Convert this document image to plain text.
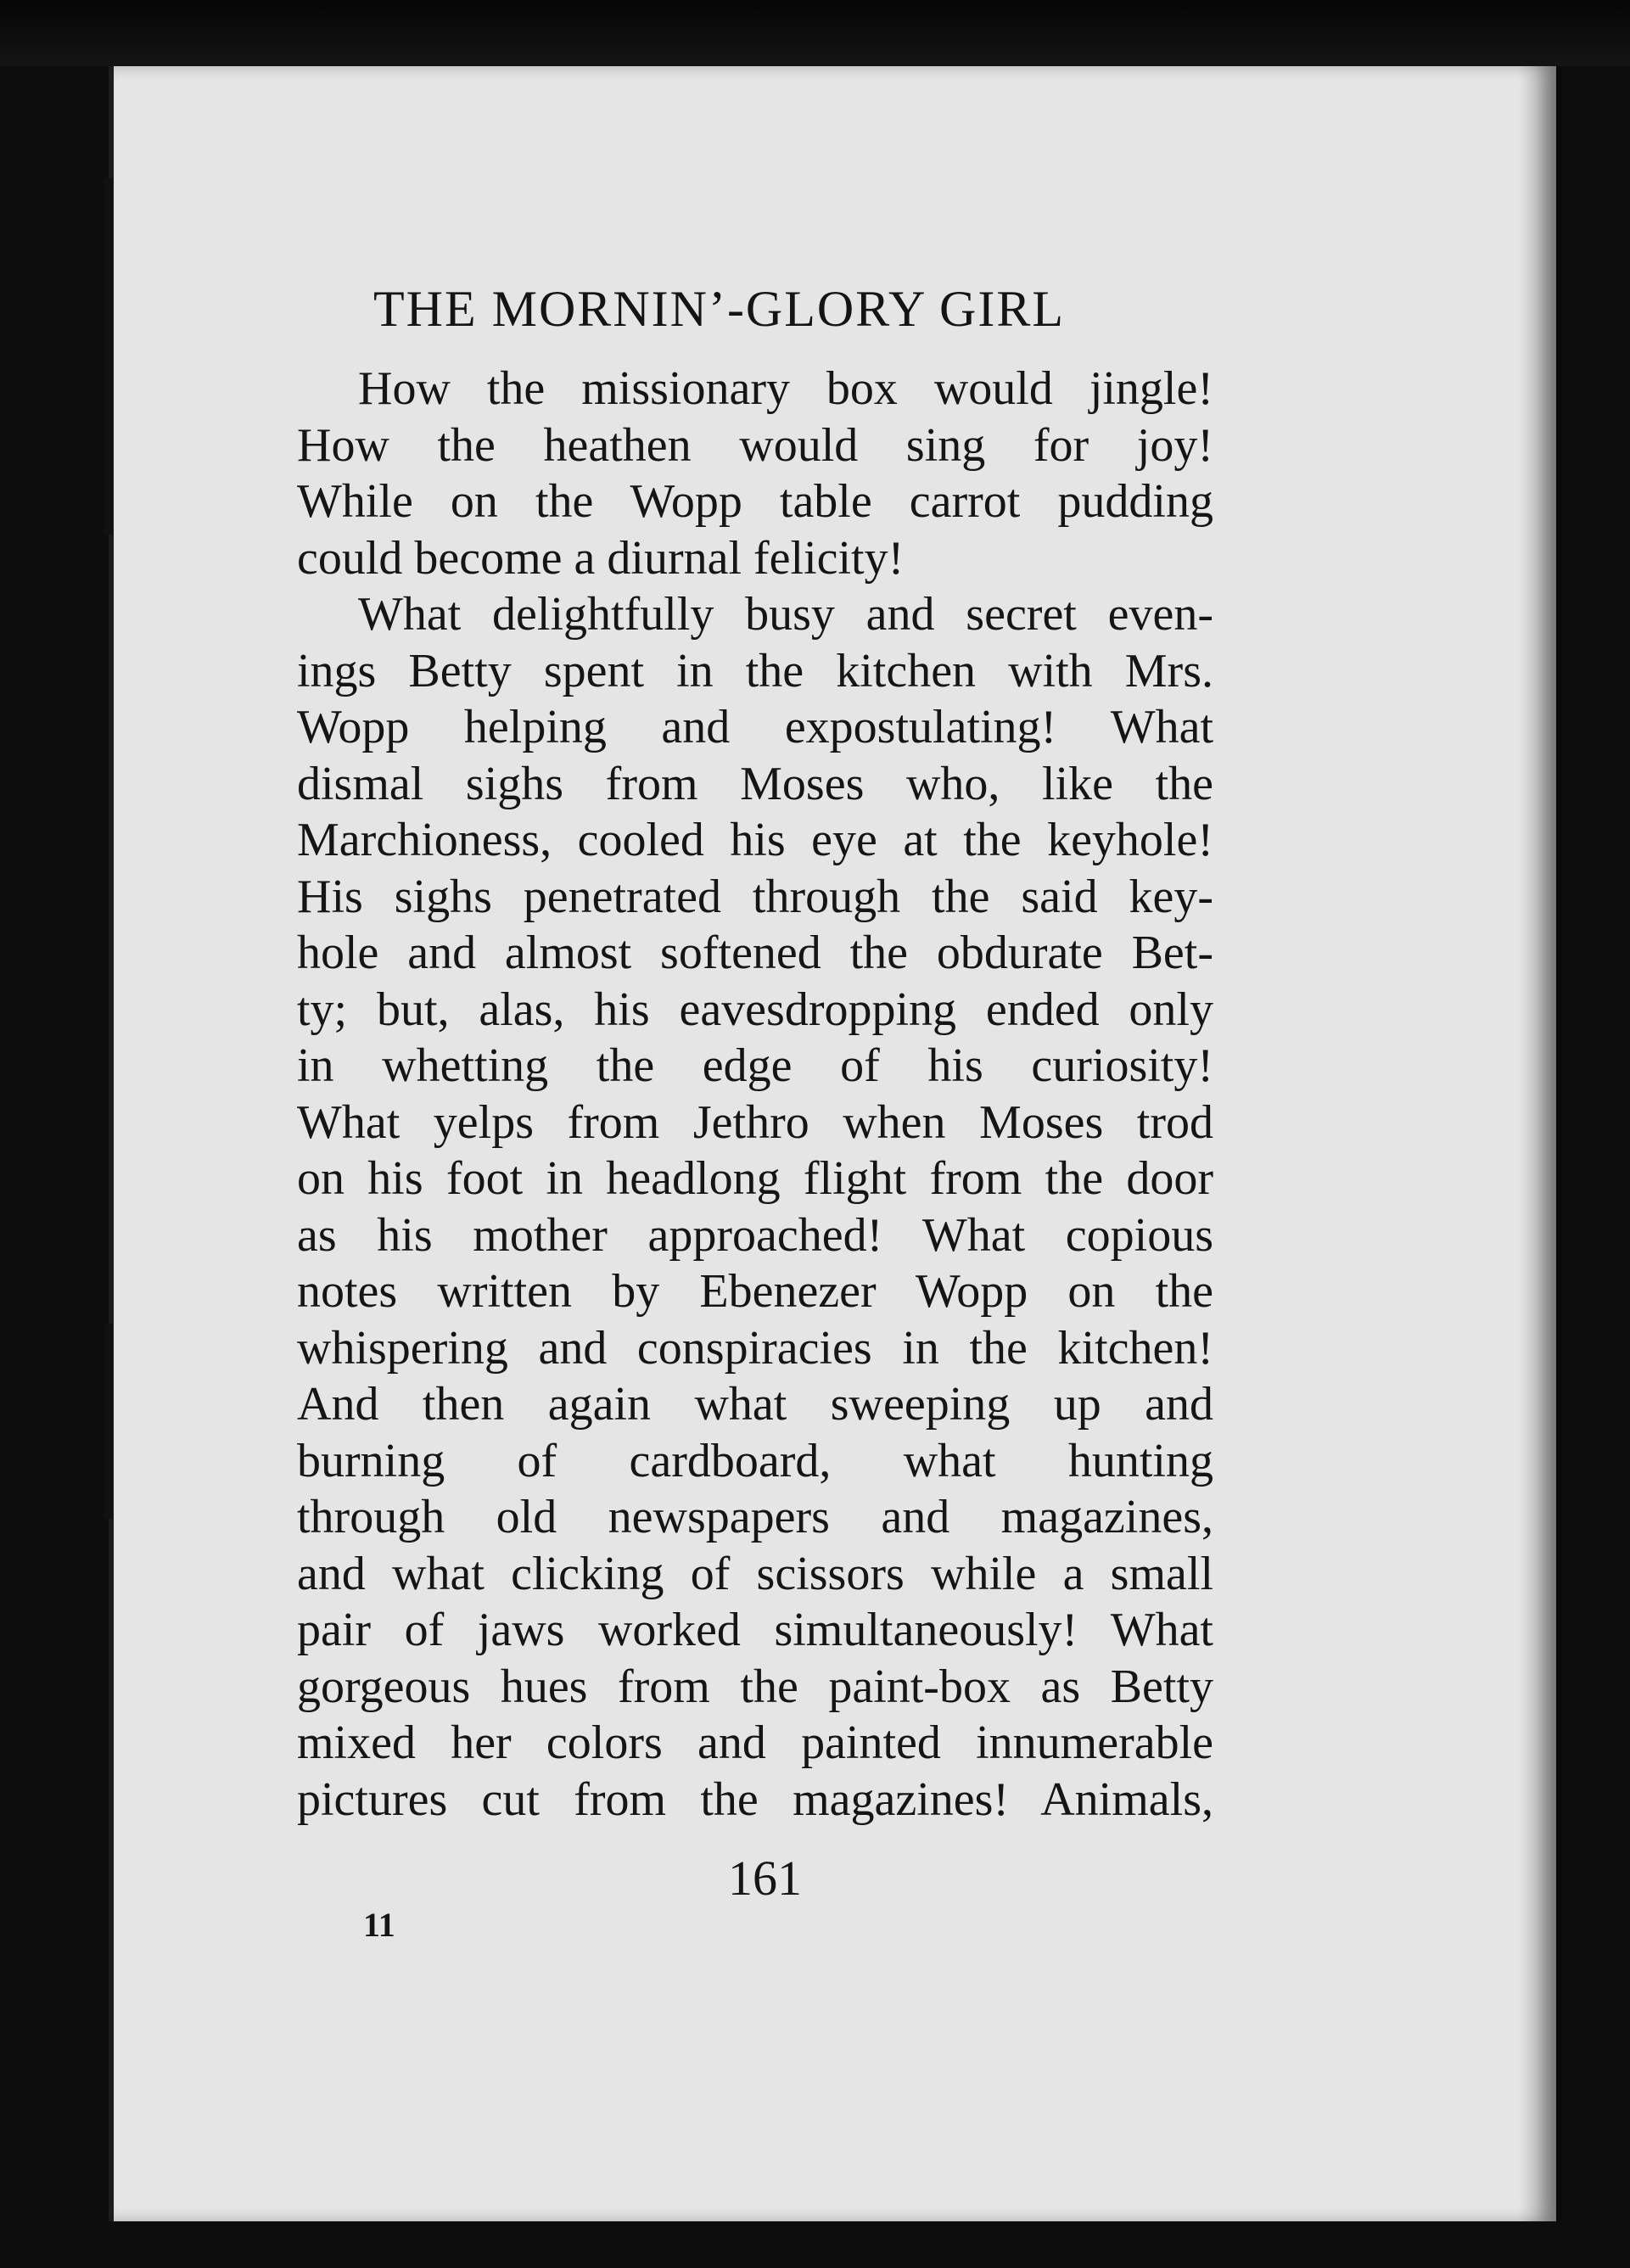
THE MORNIN’-GLORY GIRL
How the missionary box would jingle!
How the heathen would sing for joy!
While on the Wopp table carrot pudding
could become a diurnal felicity!
What delightfully busy and secret even-
ings Betty spent in the kitchen with Mrs.
Wopp helping and expostulating! What
dismal sighs from Moses who, like the
Marchioness, cooled his eye at the keyhole!
His sighs penetrated through the said key-
hole and almost softened the obdurate Bet-
ty; but, alas, his eavesdropping ended only
in whetting the edge of his curiosity!
What yelps from Jethro when Moses trod
on his foot in headlong flight from the door
as his mother approached! What copious
notes written by Ebenezer Wopp on the
whispering and conspiracies in the kitchen!
And then again what sweeping up and
burning of cardboard, what hunting
through old newspapers and magazines,
and what clicking of scissors while a small
pair of jaws worked simultaneously! What
gorgeous hues from the paint-box as Betty
mixed her colors and painted innumerable
pictures cut from the magazines! Animals,
161
11
